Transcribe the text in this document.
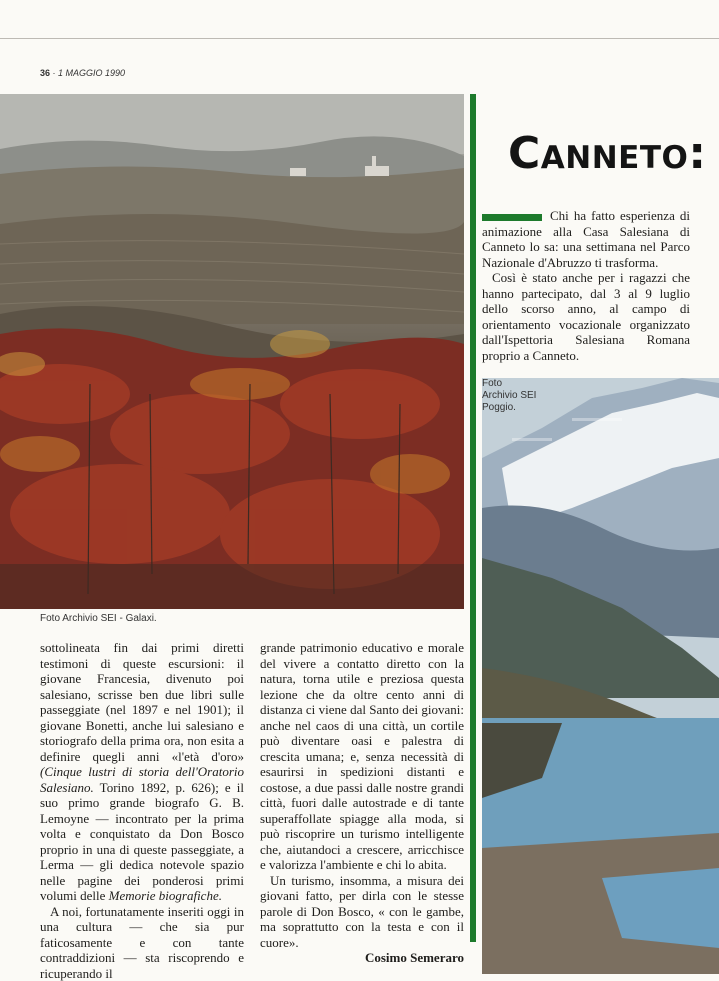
36 · 1 MAGGIO 1990
Foto Archivio SEI - Galaxi.
Canneto:

Chi ha fatto esperienza di animazione alla Casa Salesiana di Canneto lo sa: una settimana nel Parco Nazionale d'Abruzzo ti trasforma.

Così è stato anche per i ragazzi che hanno partecipato, dal 3 al 9 luglio dello scorso anno, al campo di orientamento vocazionale organizzato dall'Ispettoria Salesiana Romana proprio a Canneto.

Foto
Archivio SEI
Poggio.

sottolineata fin dai primi diretti testimoni di queste escursioni: il giovane Francesia, divenuto poi salesiano, scrisse ben due libri sulle passeggiate (nel 1897 e nel 1901); il giovane Bonetti, anche lui salesiano e storiografo della prima ora, non esita a definire quegli anni «l'età d'oro» (Cinque lustri di storia dell'Oratorio Salesiano. Torino 1892, p. 626); e il suo primo grande biografo G. B. Lemoyne — incontrato per la prima volta e conquistato da Don Bosco proprio in una di queste passeggiate, a Lerma — gli dedica notevole spazio nelle pagine dei ponderosi primi volumi delle Memorie biografiche.

A noi, fortunatamente inseriti oggi in una cultura — che sia pur faticosamente e con tante contraddizioni — sta riscoprendo e ricuperando il

grande patrimonio educativo e morale del vivere a contatto diretto con la natura, torna utile e preziosa questa lezione che da oltre cento anni di distanza ci viene dal Santo dei giovani: anche nel caos di una città, un cortile può diventare oasi e palestra di crescita umana; e, senza necessità di esaurirsi in spedizioni distanti e costose, a due passi dalle nostre grandi città, fuori dalle autostrade e di tante superaffollate spiagge alla moda, si può riscoprire un turismo intelligente che, aiutandoci a crescere, arricchisce e valorizza l'ambiente e chi lo abita.

Un turismo, insomma, a misura dei giovani fatto, per dirla con le stesse parole di Don Bosco, « con le gambe, ma soprattutto con la testa e con il cuore».

Cosimo Semeraro
